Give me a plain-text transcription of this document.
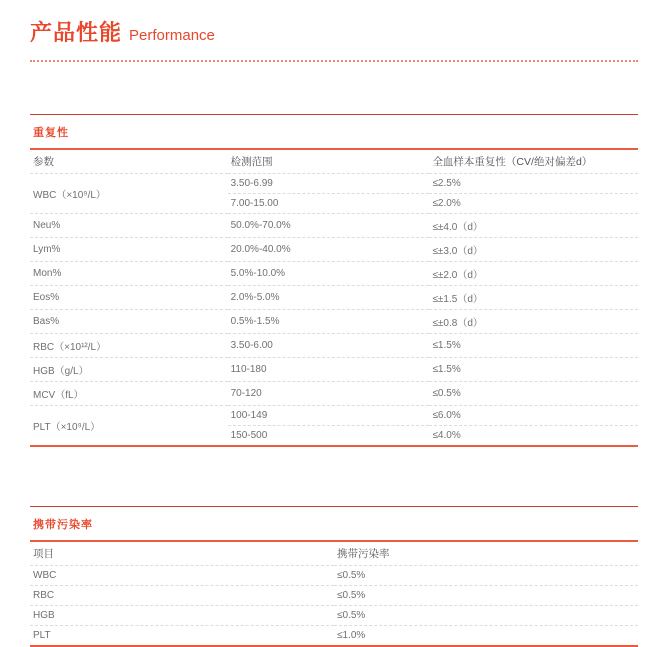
产品性能 Performance
重复性
参数	检测范围	全血样本重复性（CV/绝对偏差d）
WBC（×10⁹/L）	3.50-6.99	≤2.5%
	7.00-15.00	≤2.0%
Neu%	50.0%-70.0%	≤±4.0（d）
Lym%	20.0%-40.0%	≤±3.0（d）
Mon%	5.0%-10.0%	≤±2.0（d）
Eos%	2.0%-5.0%	≤±1.5（d）
Bas%	0.5%-1.5%	≤±0.8（d）
RBC（×10¹²/L）	3.50-6.00	≤1.5%
HGB（g/L）	110-180	≤1.5%
MCV（fL）	70-120	≤0.5%
PLT（×10⁹/L）	100-149	≤6.0%
	150-500	≤4.0%
携带污染率
项目	携带污染率
WBC	≤0.5%
RBC	≤0.5%
HGB	≤0.5%
PLT	≤1.0%
